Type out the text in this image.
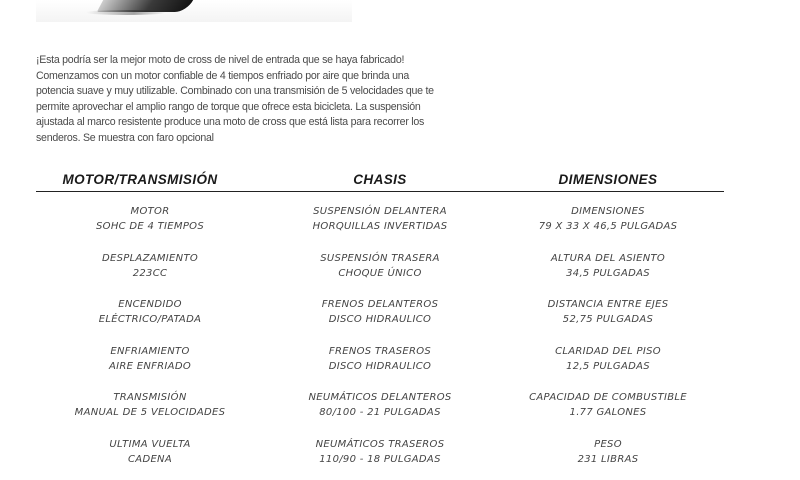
¡Esta podría ser la mejor moto de cross de nivel de entrada que se haya fabricado!
Comenzamos con un motor confiable de 4 tiempos enfriado por aire que brinda una
potencia suave y muy utilizable. Combinado con una transmisión de 5 velocidades que te
permite aprovechar el amplio rango de torque que ofrece esta bicicleta. La suspensión
ajustada al marco resistente produce una moto de cross que está lista para recorrer los
senderos. Se muestra con faro opcional
MOTOR/TRANSMISIÓN	CHASIS	DIMENSIONES
MOTOR
SOHC DE 4 TIEMPOS
DESPLAZAMIENTO
223CC
ENCENDIDO
ELÉCTRICO/PATADA
ENFRIAMIENTO
AIRE ENFRIADO
TRANSMISIÓN
MANUAL DE 5 VELOCIDADES
ULTIMA VUELTA
CADENA
SUSPENSIÓN DELANTERA
HORQUILLAS INVERTIDAS
SUSPENSIÓN TRASERA
CHOQUE ÚNICO
FRENOS DELANTEROS
DISCO HIDRAULICO
FRENOS TRASEROS
DISCO HIDRAULICO
NEUMÁTICOS DELANTEROS
80/100 - 21 PULGADAS
NEUMÁTICOS TRASEROS
110/90 - 18 PULGADAS
DIMENSIONES
79 X 33 X 46,5 PULGADAS
ALTURA DEL ASIENTO
34,5 PULGADAS
DISTANCIA ENTRE EJES
52,75 PULGADAS
CLARIDAD DEL PISO
12,5 PULGADAS
CAPACIDAD DE COMBUSTIBLE
1.77 GALONES
PESO
231 LIBRAS
